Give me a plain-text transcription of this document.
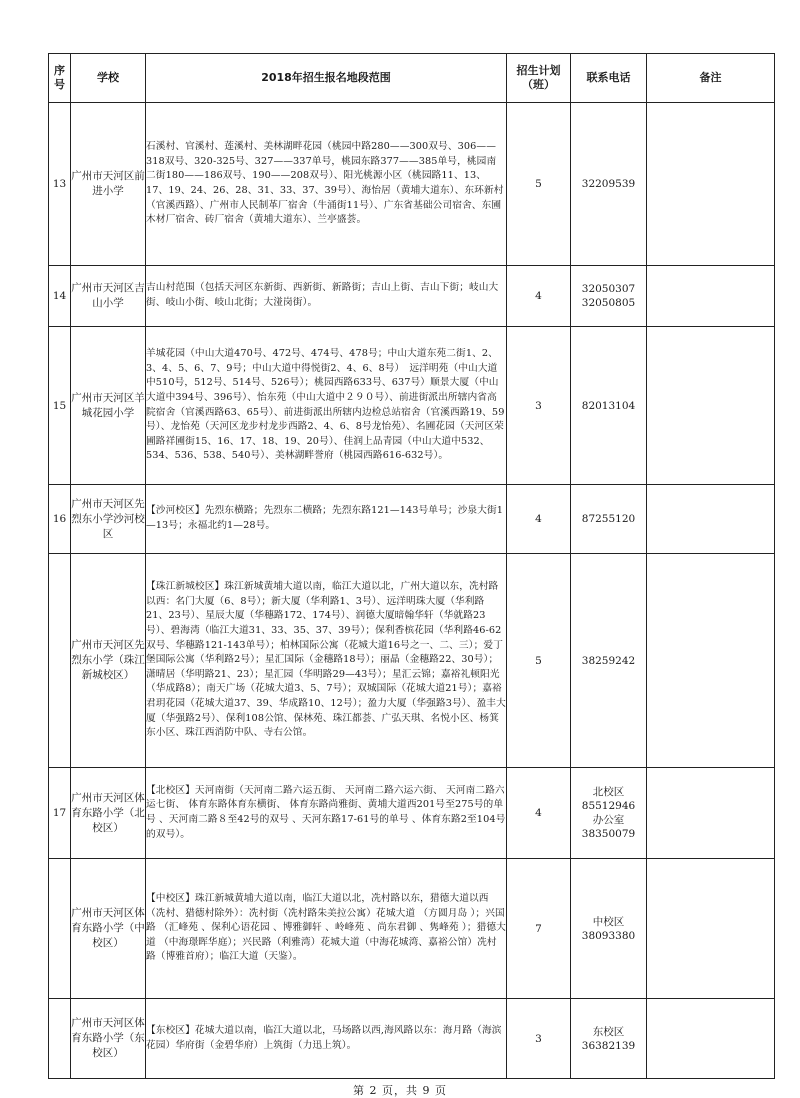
序号	学校	2018年招生报名地段范围	招生计划（班）	联系电话	备注
13	广州市天河区前进小学	石溪村、官溪村、莲溪村、美林湖畔花园（桃园中路280——300双号、306——318双号、320-325号、327——337单号，桃园东路377——385单号，桃园南二街180——186双号、190——208双号）、阳光桃源小区（桃园路11、13、17、19、24、26、28、31、33、37、39号）、海怡居（黄埔大道东）、东环新村（官溪西路）、广州市人民制革厂宿舍（牛涌街11号）、广东省基础公司宿舍、东圃木材厂宿舍、砖厂宿舍（黄埔大道东）、兰亭盛荟。	5	32209539	

14	广州市天河区吉山小学	吉山村范围（包括天河区东新街、西新街、新路街；吉山上街、吉山下街；岐山大街、岐山小街、岐山北街；大湴岗街）。	4	32050307
32050805	

15	广州市天河区羊城花园小学	羊城花园（中山大道470号、472号、474号、478号；中山大道东苑二街1、2、3、4、5、6、7、9号；中山大道中得悦街2、4、6、8号）　远洋明苑（中山大道中510号，512号、514号、526号）；桃园西路633号、637号）顺景大厦（中山大道中394号、396号）、怡东苑（中山大道中２９０号）、前进街派出所辖内省高院宿舍（官溪西路63、65号）、前进街派出所辖内边检总站宿舍（官溪西路19、59号）、龙怡苑（天河区龙步村龙步西路2、4、6、8号龙怡苑）、名圃花园（天河区荣圃路祥圃街15、16、17、18、19、20号）、佳润上品青园（中山大道中532、534、536、538、540号）、美林湖畔誉府（桃园西路616-632号）。	3	82013104	

16	广州市天河区先烈东小学沙河校区	【沙河校区】先烈东横路；先烈东二横路；先烈东路121—143号单号；沙泉大街1—13号；永福北约1—28号。	4	87255120	

	广州市天河区先烈东小学（珠江新城校区）	【珠江新城校区】珠江新城黄埔大道以南，临江大道以北，广州大道以东，冼村路以西：名门大厦（6、8号）；新大厦（华利路1、3号）、远洋明珠大厦（华利路21、23号）、星辰大厦（华穗路172、174号）、润德大厦暗翰华轩（华就路23号）、碧海湾（临江大道31、33、35、37、39号）；保利香槟花园（华利路46-62双号、华穗路121-143单号）；柏林国际公寓（花城大道16号之一、二、三）；爱丁堡国际公寓（华利路2号）；星汇国际（金穗路18号）；丽晶（金穗路22、30号）；潇晴居（华明路21、23）；星汇园（华明路29—43号）；星汇云锦；嘉裕礼顿阳光（华成路8）；南天广场（花城大道3、5、7号）；双城国际（花城大道21号）；嘉裕君玥花园（花城大道37、39、华成路10、12号）；盈力大厦（华强路3号）、盈丰大厦（华强路2号）、保利108公馆、保林苑、珠江都荟、广弘天琪、名悦小区、杨箕东小区、珠江西消防中队、寺右公馆。	5	38259242	

17	广州市天河区体育东路小学（北校区）	【北校区】天河南街（天河南二路六运五街、 天河南二路六运六街、 天河南二路六运七街、 体育东路体育东横街、 体育东路尚雅街、黄埔大道西201号至275号的单号 、天河南二路８至42号的双号 、天河东路17-61号的单号 、体育东路2至104号的双号）。	4	北校区
85512946
办公室
38350079	

	广州市天河区体育东路小学（中校区）	【中校区】珠江新城黄埔大道以南，临江大道以北，冼村路以东，猎德大道以西（冼村、猎德村除外）：冼村街（冼村路朱美拉公寓）花城大道 （方圆月岛 ）；兴国路 （汇峰苑 、保利心语花园 、博雅御轩 、岭峰苑 、尚东君御 、隽峰苑 ）；猎德大道 （中海璟晖华庭）；兴民路（利雅湾）花城大道（中海花城湾、嘉裕公馆）冼村路（博雅首府）；临江大道（天鉴）。	7	中校区
38093380	

	广州市天河区体育东路小学（东校区）	【东校区】花城大道以南，临江大道以北，马场路以西,海风路以东：海月路（海滨花园）华府街（金碧华府）上筑街（力迅上筑）。	3	东校区
36382139	

第 2 页，共 9 页
